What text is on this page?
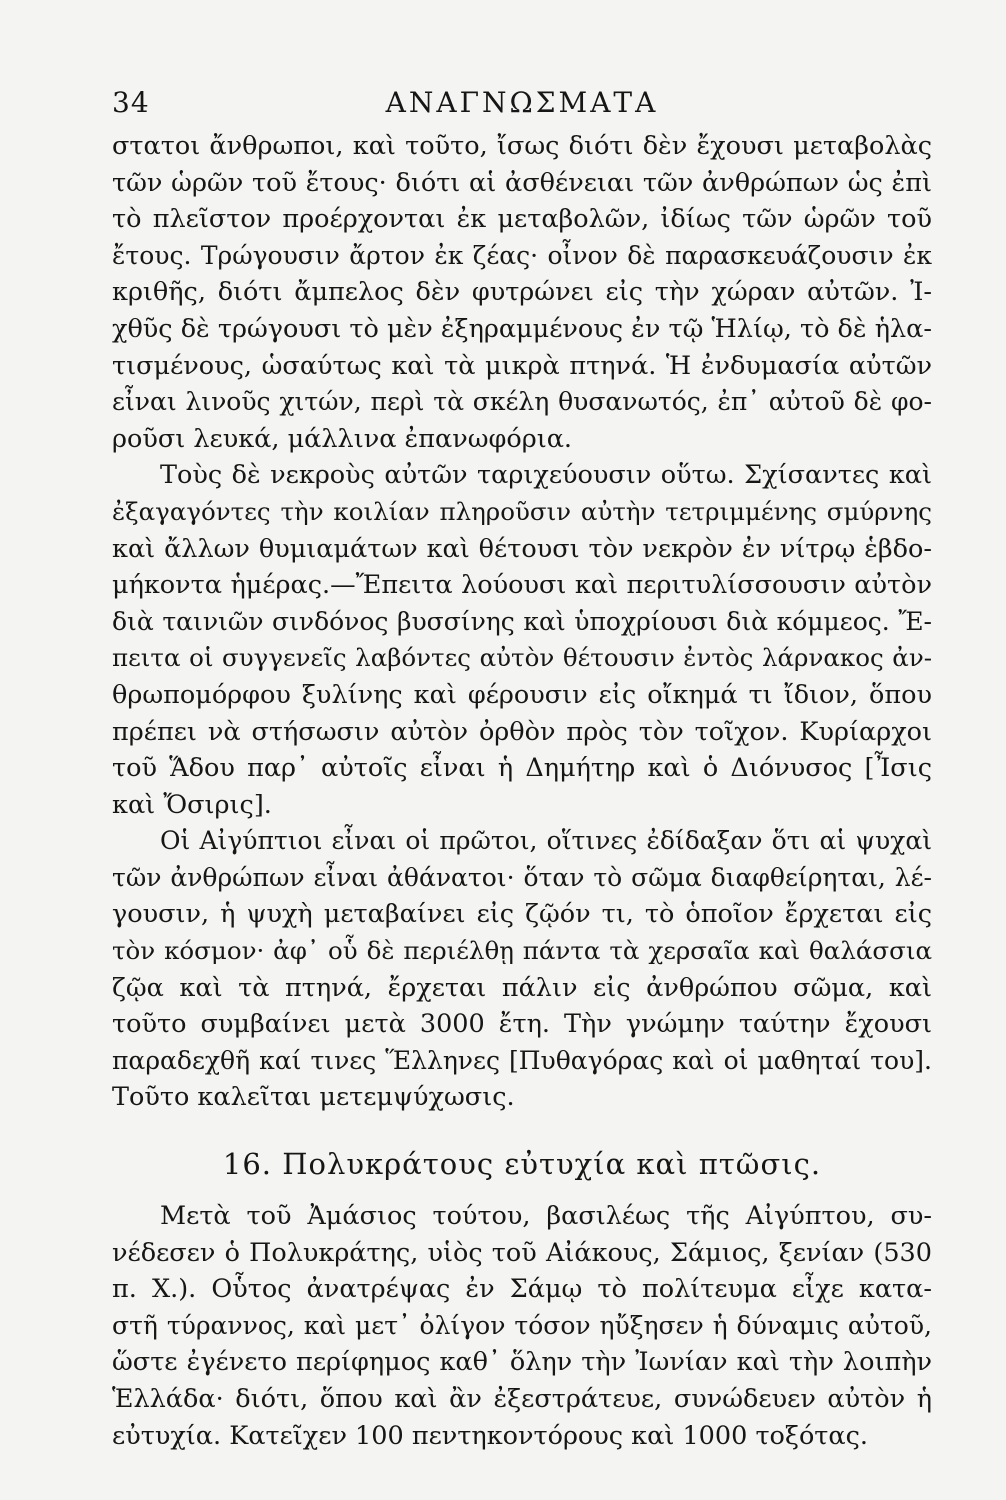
34	ΑΝΑΓΝΩΣΜΑΤΑ
στατοι ἄνθρωποι, καὶ τοῦτο, ἴσως διότι δὲν ἔχουσι μεταβολὰς
τῶν ὡρῶν τοῦ ἔτους· διότι αἱ ἀσθένειαι τῶν ἀνθρώπων ὡς ἐπὶ
τὸ πλεῖστον προέρχονται ἐκ μεταβολῶν, ἰδίως τῶν ὡρῶν τοῦ
ἔτους. Τρώγουσιν ἄρτον ἐκ ζέας· οἶνον δὲ παρασκευάζουσιν ἐκ
κριθῆς, διότι ἄμπελος δὲν φυτρώνει εἰς τὴν χώραν αὐτῶν. Ἰ-
χθῦς δὲ τρώγουσι τὸ μὲν ἐξηραμμένους ἐν τῷ Ἡλίῳ, τὸ δὲ ἡλα-
τισμένους, ὡσαύτως καὶ τὰ μικρὰ πτηνά. Ἡ ἐνδυμασία αὐτῶν
εἶναι λινοῦς χιτών, περὶ τὰ σκέλη θυσανωτός, ἐπ᾽ αὐτοῦ δὲ φο-
ροῦσι λευκά, μάλλινα ἐπανωφόρια.
Τοὺς δὲ νεκροὺς αὐτῶν ταριχεύουσιν οὕτω. Σχίσαντες καὶ
ἐξαγαγόντες τὴν κοιλίαν πληροῦσιν αὐτὴν τετριμμένης σμύρνης
καὶ ἄλλων θυμιαμάτων καὶ θέτουσι τὸν νεκρὸν ἐν νίτρῳ ἑβδο-
μήκοντα ἡμέρας.—Ἔπειτα λούουσι καὶ περιτυλίσσουσιν αὐτὸν
διὰ ταινιῶν σινδόνος βυσσίνης καὶ ὑποχρίουσι διὰ κόμμεος. Ἔ-
πειτα οἱ συγγενεῖς λαβόντες αὐτὸν θέτουσιν ἐντὸς λάρνακος ἀν-
θρωπομόρφου ξυλίνης καὶ φέρουσιν εἰς οἴκημά τι ἴδιον, ὅπου
πρέπει νὰ στήσωσιν αὐτὸν ὀρθὸν πρὸς τὸν τοῖχον. Κυρίαρχοι
τοῦ Ἅδου παρ᾽ αὐτοῖς εἶναι ἡ Δημήτηρ καὶ ὁ Διόνυσος [Ἶσις
καὶ Ὄσιρις].
Οἱ Αἰγύπτιοι εἶναι οἱ πρῶτοι, οἵτινες ἐδίδαξαν ὅτι αἱ ψυχαὶ
τῶν ἀνθρώπων εἶναι ἀθάνατοι· ὅταν τὸ σῶμα διαφθείρηται, λέ-
γουσιν, ἡ ψυχὴ μεταβαίνει εἰς ζῷόν τι, τὸ ὁποῖον ἔρχεται εἰς
τὸν κόσμον· ἀφ᾽ οὗ δὲ περιέλθῃ πάντα τὰ χερσαῖα καὶ θαλάσσια
ζῷα καὶ τὰ πτηνά, ἔρχεται πάλιν εἰς ἀνθρώπου σῶμα, καὶ
τοῦτο συμβαίνει μετὰ 3000 ἔτη. Τὴν γνώμην ταύτην ἔχουσι
παραδεχθῆ καί τινες Ἕλληνες [Πυθαγόρας καὶ οἱ μαθηταί του].
Τοῦτο καλεῖται μετεμψύχωσις.
16. Πολυκράτους εὐτυχία καὶ πτῶσις.
Μετὰ τοῦ Ἀμάσιος τούτου, βασιλέως τῆς Αἰγύπτου, συ-
νέδεσεν ὁ Πολυκράτης, υἱὸς τοῦ Αἰάκους, Σάμιος, ξενίαν (530
π. Χ.). Οὗτος ἀνατρέψας ἐν Σάμῳ τὸ πολίτευμα εἶχε κατα-
στῆ τύραννος, καὶ μετ᾽ ὀλίγον τόσον ηὔξησεν ἡ δύναμις αὐτοῦ,
ὥστε ἐγένετο περίφημος καθ᾽ ὅλην τὴν Ἰωνίαν καὶ τὴν λοιπὴν
Ἑλλάδα· διότι, ὅπου καὶ ἂν ἐξεστράτευε, συνώδευεν αὐτὸν ἡ
εὐτυχία. Κατεῖχεν 100 πεντηκοντόρους καὶ 1000 τοξότας.
